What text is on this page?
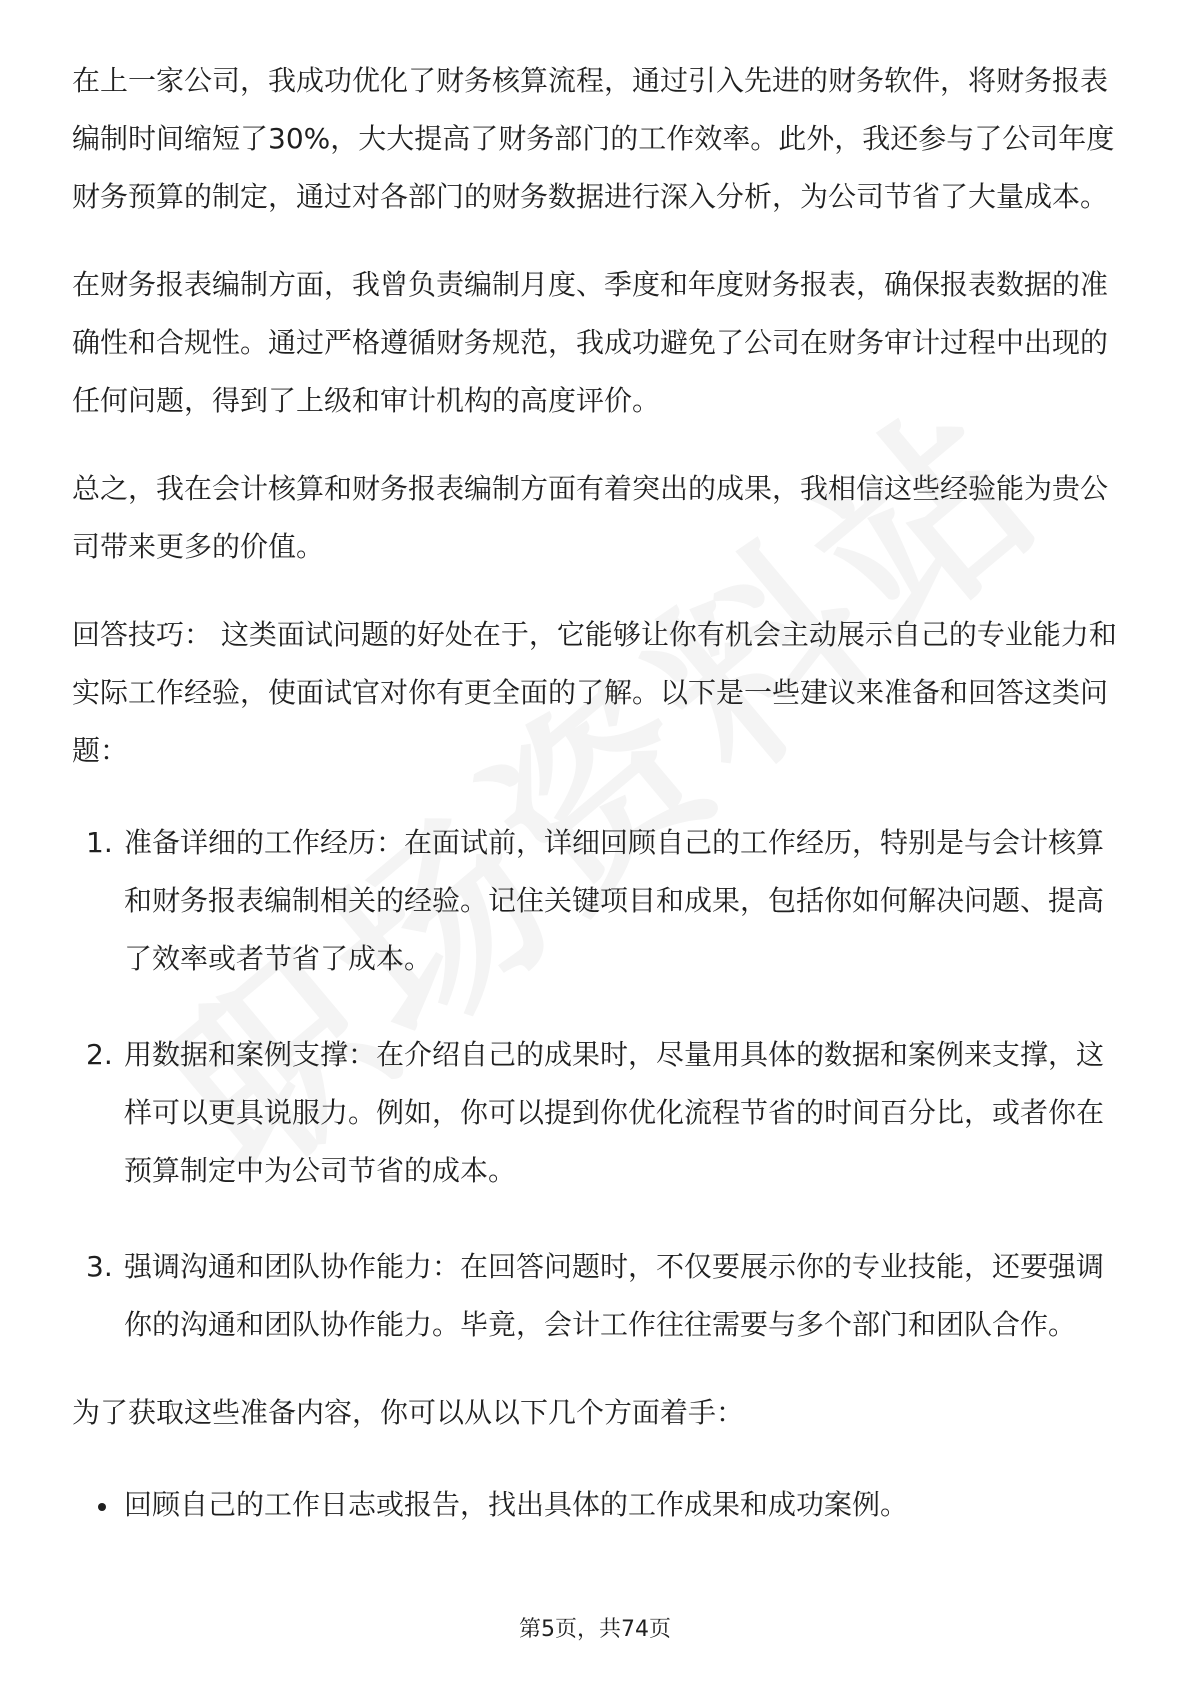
在上一家公司，我成功优化了财务核算流程，通过引入先进的财务软件，将财务报表编制时间缩短了30%，大大提高了财务部门的工作效率。此外，我还参与了公司年度财务预算的制定，通过对各部门的财务数据进行深入分析，为公司节省了大量成本。

在财务报表编制方面，我曾负责编制月度、季度和年度财务报表，确保报表数据的准确性和合规性。通过严格遵循财务规范，我成功避免了公司在财务审计过程中出现的任何问题，得到了上级和审计机构的高度评价。

总之，我在会计核算和财务报表编制方面有着突出的成果，我相信这些经验能为贵公司带来更多的价值。

回答技巧： 这类面试问题的好处在于，它能够让你有机会主动展示自己的专业能力和实际工作经验，使面试官对你有更全面的了解。以下是一些建议来准备和回答这类问题：

1. 准备详细的工作经历：在面试前，详细回顾自己的工作经历，特别是与会计核算和财务报表编制相关的经验。记住关键项目和成果，包括你如何解决问题、提高了效率或者节省了成本。
2. 用数据和案例支撑：在介绍自己的成果时，尽量用具体的数据和案例来支撑，这样可以更具说服力。例如，你可以提到你优化流程节省的时间百分比，或者你在预算制定中为公司节省的成本。
3. 强调沟通和团队协作能力：在回答问题时，不仅要展示你的专业技能，还要强调你的沟通和团队协作能力。毕竟，会计工作往往需要与多个部门和团队合作。

为了获取这些准备内容，你可以从以下几个方面着手：

回顾自己的工作日志或报告，找出具体的工作成果和成功案例。
第5页，共74页
